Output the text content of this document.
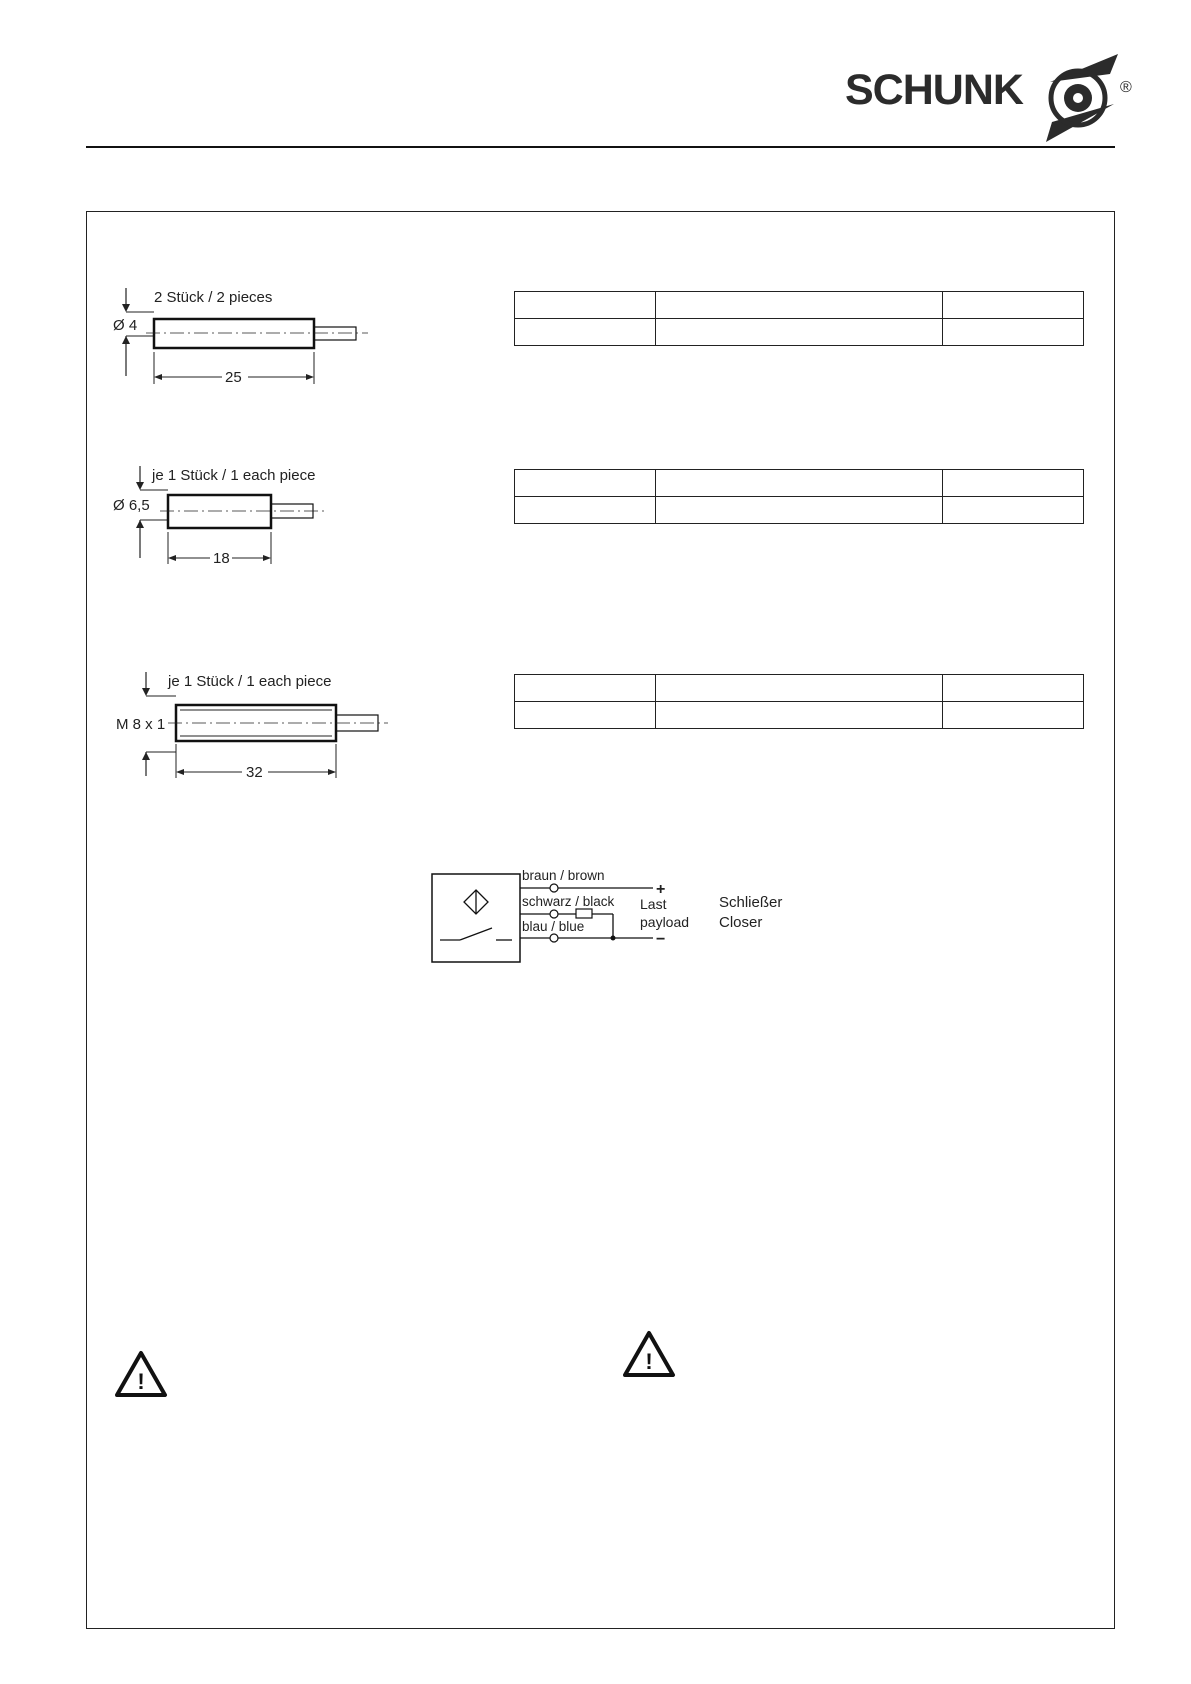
SCHUNK	®
Ø 4
2 Stück / 2 pieces
25
Ø 6,5
je 1 Stück / 1 each piece
18
M 8 x 1
je 1 Stück / 1 each piece
32

braun / brown
schwarz / black
blau / blue
+
−
Last
payload
Schließer
Closer
!
!
